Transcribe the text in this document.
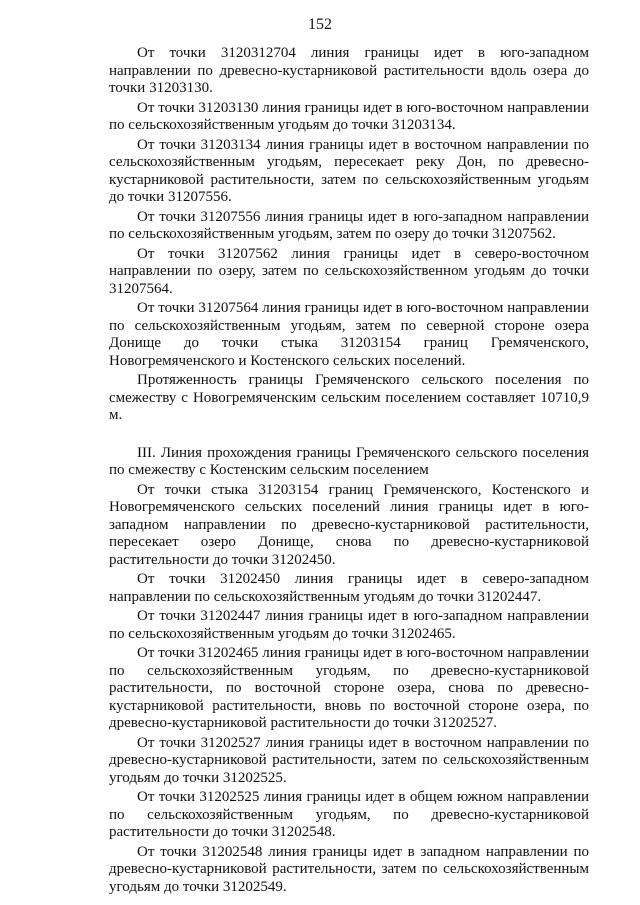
152

От точки 3120312704 линия границы идет в юго-западном направлении по древесно-кустарниковой растительности вдоль озера до точки 31203130.

От точки 31203130 линия границы идет в юго-восточном направлении по сельскохозяйственным угодьям до точки 31203134.

От точки 31203134 линия границы идет в восточном направлении по сельскохозяйственным угодьям, пересекает реку Дон, по древесно-кустарниковой растительности, затем по сельскохозяйственным угодьям до точки 31207556.

От точки 31207556 линия границы идет в юго-западном направлении по сельскохозяйственным угодьям, затем по озеру до точки 31207562.

От точки 31207562 линия границы идет в северо-восточном направлении по озеру, затем по сельскохозяйственном угодьям до точки 31207564.

От точки 31207564 линия границы идет в юго-восточном направлении по сельскохозяйственным угодьям, затем по северной стороне озера Донище до точки стыка 31203154 границ Гремяченского, Новогремяченского и Костенского сельских поселений.

Протяженность границы Гремяченского сельского поселения по смежеству с Новогремяченским сельским поселением составляет 10710,9 м.

III. Линия прохождения границы Гремяченского сельского поселения по смежеству с Костенским сельским поселением

От точки стыка 31203154 границ Гремяченского, Костенского и Новогремяченского сельских поселений линия границы идет в юго-западном направлении по древесно-кустарниковой растительности, пересекает озеро Донище, снова по древесно-кустарниковой растительности до точки 31202450.

От точки 31202450 линия границы идет в северо-западном направлении по сельскохозяйственным угодьям до точки 31202447.

От точки 31202447 линия границы идет в юго-западном направлении по сельскохозяйственным угодьям до точки 31202465.

От точки 31202465 линия границы идет в юго-восточном направлении по сельскохозяйственным угодьям, по древесно-кустарниковой растительности, по восточной стороне озера, снова по древесно-кустарниковой растительности, вновь по восточной стороне озера, по древесно-кустарниковой растительности до точки 31202527.

От точки 31202527 линия границы идет в восточном направлении по древесно-кустарниковой растительности, затем по сельскохозяйственным угодьям до точки 31202525.

От точки 31202525 линия границы идет в общем южном направлении по сельскохозяйственным угодьям, по древесно-кустарниковой растительности до точки 31202548.

От точки 31202548 линия границы идет в западном направлении по древесно-кустарниковой растительности, затем по сельскохозяйственным угодьям до точки 31202549.
